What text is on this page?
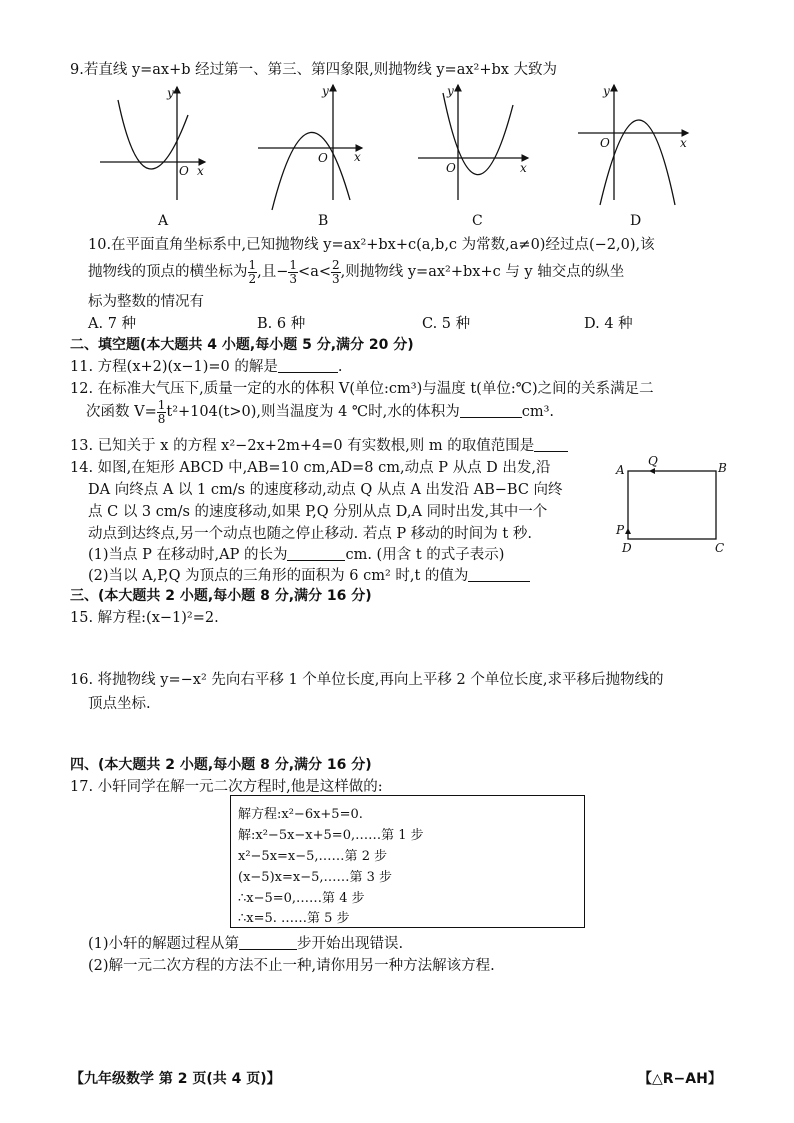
9.若直线 y=ax+b 经过第一、第三、第四象限,则抛物线 y=ax²+bx 大致为
O x
y
O x
y
O	x
y
O	x
y
A	B	C	D
10.在平面直角坐标系中,已知抛物线 y=ax²+bx+c(a,b,c 为常数,a≠0)经过点(−2,0),该
抛物线的顶点的横坐标为 $\frac{1}{2}$ ,且− $\frac{1}{3} <a< \frac{2}{3}$ ,则抛物线 y=ax²+bx+c 与 y 轴交点的纵坐
标为整数的情况有
A. 7 种	B. 6 种	C. 5 种	D. 4 种
二、填空题(本大题共 4 小题,每小题 5 分,满分 20 分)
11. 方程(x+2)(x−1)=0 的解是	.
12. 在标准大气压下,质量一定的水的体积 V(单位:cm³)与温度 t(单位:℃)之间的关系满足二
次函数 $V= \frac{1}{8} t^2+104(t>0)$,则当温度为 4 ℃时,水的体积为	cm³.
13. 已知关于 x 的方程 x²−2x+2m+4=0 有实数根,则 m 的取值范围是
14. 如图,在矩形 ABCD 中,AB=10 cm,AD=8 cm,动点 P 从点 D 出发,沿
DA 向终点 A 以 1 cm/s 的速度移动,动点 Q 从点 A 出发沿 AB−BC 向终
点 C 以 3 cm/s 的速度移动,如果 P,Q 分别从点 D,A 同时出发,其中一个
动点到达终点,另一个动点也随之停止移动. 若点 P 移动的时间为 t 秒.
(1)当点 P 在移动时,AP 的长为	cm. (用含 t 的式子表示)
(2)当以 A,P,Q 为顶点的三角形的面积为 6 cm² 时,t 的值为
A	B
C
D
P
Q
三、(本大题共 2 小题,每小题 8 分,满分 16 分)
15. 解方程:(x−1)²=2.
16. 将抛物线 y=−x² 先向右平移 1 个单位长度,再向上平移 2 个单位长度,求平移后抛物线的
顶点坐标.
四、(本大题共 2 小题,每小题 8 分,满分 16 分)
17. 小轩同学在解一元二次方程时,他是这样做的:
解方程:x²−6x+5=0.
解:x²−5x−x+5=0,……第 1 步
x²−5x=x−5,……第 2 步
(x−5)x=x−5,……第 3 步
∴x−5=0,……第 4 步
∴x=5. ……第 5 步
(1)小轩的解题过程从第	步开始出现错误.
(2)解一元二次方程的方法不止一种,请你用另一种方法解该方程.
【九年级数学 第 2 页(共 4 页)】	【△R−AH】
